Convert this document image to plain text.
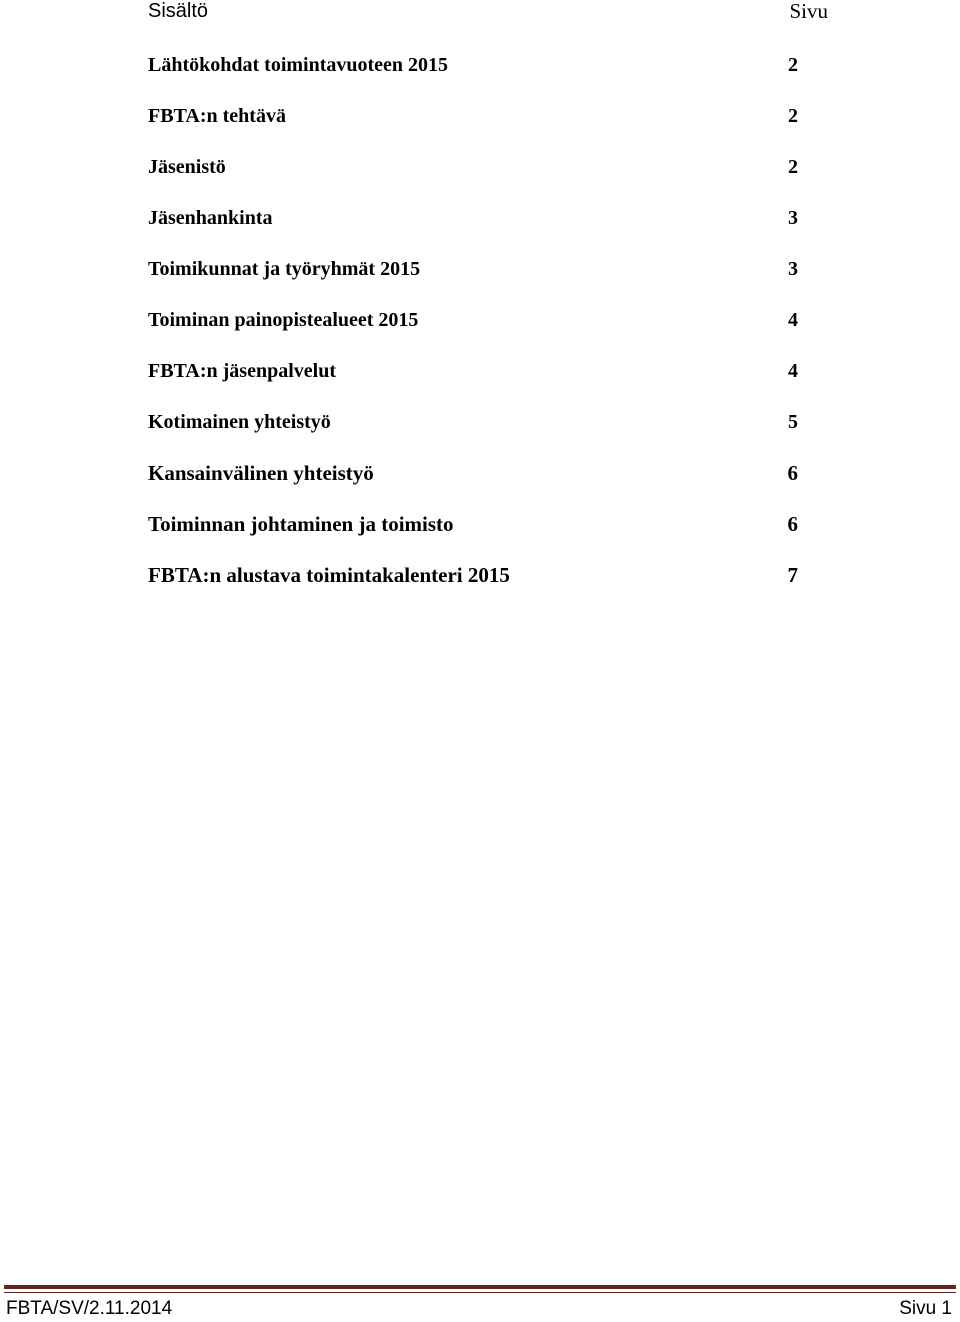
Sisältö	Sivu
Lähtökohdat toimintavuoteen 2015	2
FBTA:n tehtävä	2
Jäsenistö	2
Jäsenhankinta	3
Toimikunnat ja työryhmät 2015	3
Toiminan painopistealueet 2015	4
FBTA:n jäsenpalvelut	4
Kotimainen yhteistyö	5
Kansainvälinen yhteistyö	6
Toiminnan johtaminen ja toimisto	6
FBTA:n alustava toimintakalenteri 2015	7
FBTA/SV/2.11.2014	Sivu 1
